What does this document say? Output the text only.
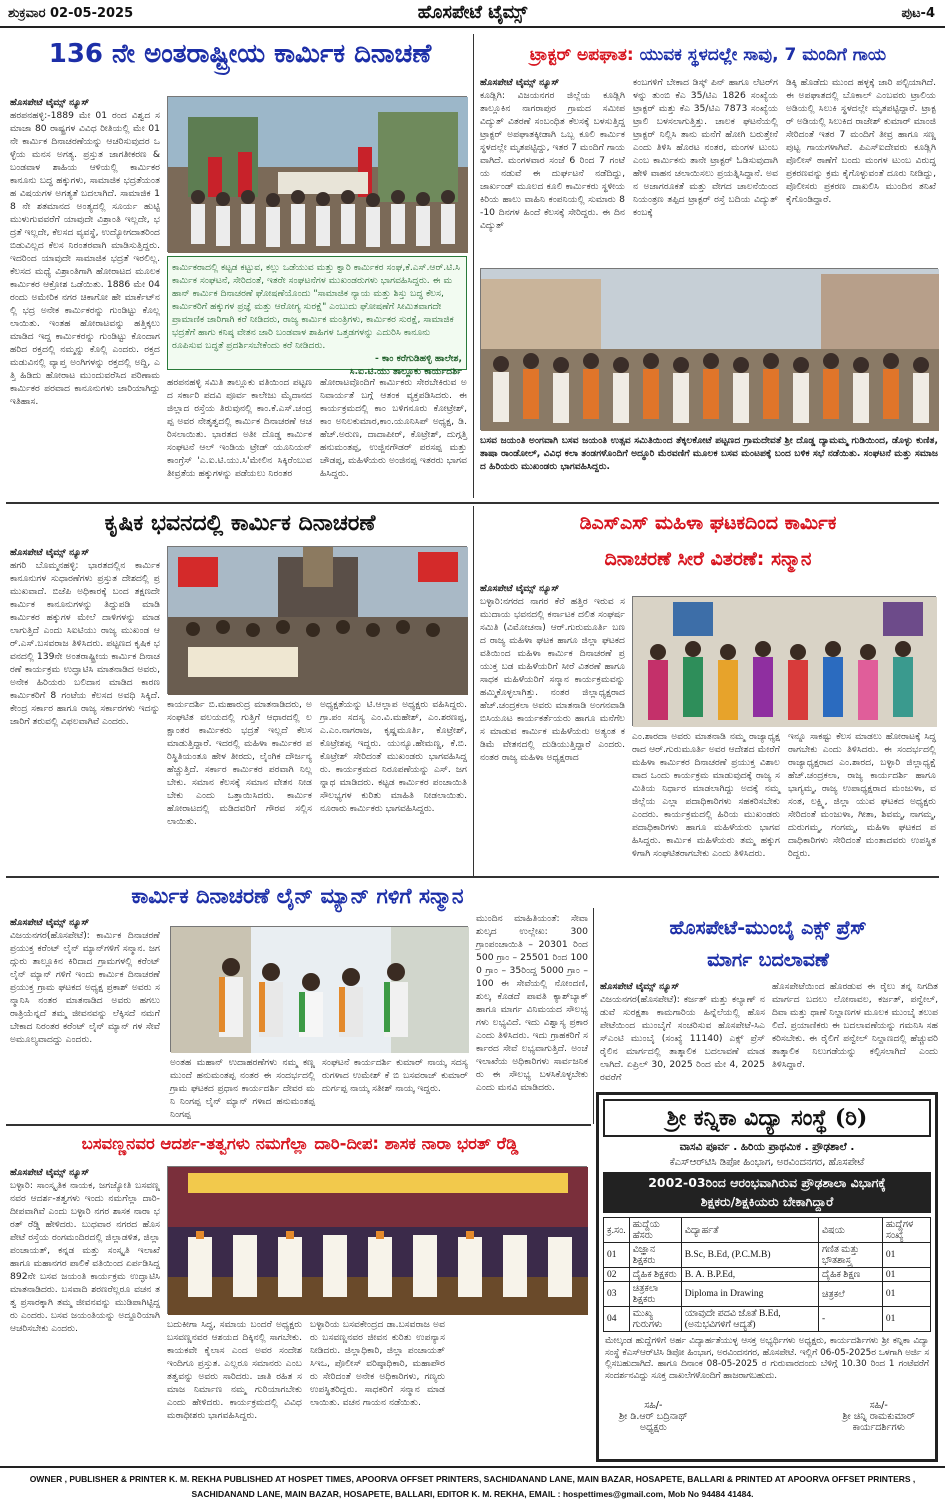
ಶುಕ್ರವಾರ 02-05-2025	ಹೊಸಪೇಟೆ ಟೈಮ್ಸ್	ಪುಟ-4
136 ನೇ ಅಂತರಾಷ್ಟ್ರೀಯ ಕಾರ್ಮಿಕ ದಿನಾಚಣೆ
ಹೊಸಪೇಟೆ ಟೈಮ್ಸ್ ನ್ಯೂಸ್
ಹರಪನಹಳ್ಳಿ:-1889 ಮೇ 01 ರಂದ ವಿಶ್ವದ ಸಮಾಜಾ 80 ರಾಷ್ಟ್ರಗಳ ವಿವಿಧ ರೀತಿಯಲ್ಲಿ ಮೇ 01 ನೇ ಕಾರ್ಮಿಕ ದಿನಾಚರಣೆಯನ್ನು ಆಚರಿಸುವುದರ ಒಳ್ಳೆಯ ಮನಸ ಅಗತ್ಯ. ಪ್ರಸ್ತುತ ಜಾಗತೀಕರಣ & ಬಂಡವಾಳ ಶಾಹಿಯ ಆಳಿಯಲ್ಲಿ ಕಾರ್ಮಿಕರ ಕಾನೂನು ಬದ್ಧ ಹಕ್ಕುಗಳು, ಸಾಮಾಜಿಕ ಭದ್ರತೆಯಂತಹ ವಿಷಯಗಳ ಅಗತ್ಯತೆ ಬದಲಾಗಿದೆ. ಸಾಮಾಜಿಕ 18 ನೇ ಶತಮಾನದ ಅಂತ್ಯದಲ್ಲಿ ಸೂರ್ಯ ಹುಟ್ಟಿ ಮುಳುಗುವವರೆಗೆ ಯಾವುದೇ ವಿಶ್ರಾಂತಿ ಇಲ್ಲದೇ, ಭದ್ರತೆ ಇಲ್ಲದೇ, ಕೆಲಸದ ವ್ಯವಸ್ಥೆ, ಉದ್ಯೋಗದಾತರಿಂದ ಬಿಡುವಿಲ್ಲದ ಕೆಲಸ ನಿರಂತರವಾಗಿ ಮಾಡಿಸುತ್ತಿದ್ದರು. ಇದರಿಂದ ಯಾವುದೇ ಸಾಮಾಜಿಕ ಭದ್ರತೆ ಇರಲಿಲ್ಲ. ಕೆಲಸದ ಮಧ್ಯೆ ವಿಶ್ರಾಂತಿಗಾಗಿ ಹೋರಾಟದ ಮೂಲಕ ಕಾರ್ಮಿಕರ ಆಕ್ರೋಶ ಒಡೆಯಿತು. 1886 ಮೇ 04 ರಂದು ಅಮೇರಿಕ ನಗರ ಚಿಕಾಗೋ ಹೇ ಮಾರ್ಕೆಟ್‌ನಲ್ಲಿ ಭದ್ರ ಅನೇಕ ಕಾರ್ಮಿಕರನ್ನು ಗುಂಡಿಟ್ಟು ಕೊಲ್ಲಲಾಯಿತು. ಇಂತಹ ಹೋರಾಟವನ್ನು ಹತ್ತಿಕ್ಕಲು ಮಾಡಿದ ಇದ್ದ ಕಾರ್ಮಿಕರನ್ನು ಗುಂಡಿಟ್ಟು ಕೊಂದಾಗ ಹರಿದ ರಕ್ತದಲ್ಲಿ ನಮ್ಮನ್ನು ಕೊಲ್ಲಿ ಎಂದರು. ರಕ್ತದ ಮಡುವಿನಲ್ಲಿ ವ್ಯಾಪ್ತ ಅಂಗಿಗಳನ್ನು ರಕ್ತದಲ್ಲಿ ಅದ್ದಿ, ಎತ್ತಿ ಹಿಡಿದು ಹೋರಾಟ ಮುಂದುವರೆಸಿದ ಪರಿಣಾಮ ಕಾರ್ಮಿಕರ ಪರವಾದ ಕಾನೂನುಗಳು ಜಾರಿಯಾಗಿದ್ದು ಇತಿಹಾಸ.
ಕಾರ್ಮಿಕರಾದಲ್ಲಿ ಕಟ್ಟಡ ಕಟ್ಟುವ, ಕಲ್ಲು ಒಡೆಯುವ ಮತ್ತು ಕ್ವಾರಿ ಕಾರ್ಮಿಕರ ಸಂಘ,ಕೆ.ಎಸ್.ಆರ್.ಟಿ.ಸಿ ಕಾರ್ಮಿಕ ಸಂಘಟನೆ, ಸೇರಿದಂತೆ, ಇತರೇ ಸಂಘಟನೆಗಳ ಮುಖಂಡರುಗಳು ಭಾಗವಹಿಸಿದ್ದರು. ಈ ಮಹಾನ್ ಕಾರ್ಮಿಕ ದಿನಾಚರಣೆ ಘೋಷಣೆಯೊಂದು "ಸಾಮಾಜಿಕ ನ್ಯಾಯ ಮತ್ತು ಶಿಸ್ತು ಬದ್ಧ ಕೆಲಸ, ಕಾರ್ಮಿಕರಿಗೆ ಹಕ್ಕುಗಳ ಪ್ರಜ್ಞೆ ಮತ್ತು ಆರೋಗ್ಯ ಸುರಕ್ಷೆ" ಎಂಬುದು ಘೋಷಣೆಗೆ ಸೀಮಿತವಾಗದೇ ಪ್ರಾಮಾಣಿಕ ಜಾರಿಗಾಗಿ ಕರೆ ನೀಡಿದರು, ರಾಜ್ಯ ಕಾರ್ಮಿಕ ಮಂತ್ರಿಗಳು, ಕಾರ್ಮಿಕರ ಸುರಕ್ಷೆ, ಸಾಮಾಜಿಕ ಭದ್ರತೆಗೆ ಹಾಗು ಕನಿಷ್ಠ ವೇತನ ಜಾರಿ ಬಂಡವಾಳ ಶಾಹಿಗಳ ಒತ್ತಡಗಳನ್ನು ಎದುರಿಸಿ ಕಾನೂನು ರೂಪಿಸುವ ಬದ್ಧತೆ ಪ್ರದರ್ಶಿಸಬೇಕೆಂದು ಕರೆ ನೀಡಿದರು.

- ಕಾಂ ಕರೆಗುಡಿಹಳ್ಳಿ ಹಾಲೇಶ,
ಸಿ.ಐ.ಟಿ.ಯು ತಾಲ್ಲೂಕು ಕಾರ್ಯದರ್ಶಿ
ಹರಪನಹಳ್ಳಿ ಸಮಿತಿ ತಾಲ್ಲೂಕು ವತಿಯಿಂದ ಪಟ್ಟಣದ ಸರ್ಕಾರಿ ಪದವಿ ಪೂರ್ವ ಕಾಲೇಜು ಮೈದಾನದ ಜಿಲ್ಲಾದ ರಸ್ತೆಯ ತಿರುವುನಲ್ಲಿ ಕಾಂ.ಕೆ.ಎಸ್.ಚಂದ್ರಪ್ಪ ಅವರ ನೇತೃತ್ವದಲ್ಲಿ ಕಾರ್ಮಿಕ ದಿನಾಚರಣೆ ಆಚರಿಸಲಾಯಿತು. ಭಾರತದ ಅತೀ ದೊಡ್ಡ ಕಾರ್ಮಿಕ ಸಂಘಟನೆ ಆಲ್ ಇಂಡಿಯ ಟ್ರೇಡ್ ಯೂನಿಯನ್ ಕಾಂಗ್ರೆಸ್ 'ಎ.ಐ.ಟಿ.ಯು.ಸಿ'ಮೇಲಿನ ಸಿಕ್ಕಿರೆಂಬುವ ತೀವ್ರತೆಯ ಹಕ್ಕುಗಳನ್ನು ಪಡೆಯಲು ನಿರಂತರ
ಹೋರಾಟವೊಂದಿಗೆ ಕಾರ್ಮಿಕರು ಸೇರಬೇಕಿರುವ ಅನಿವಾರ್ಯತೆ ಬಗ್ಗೆ ಆತಂಕ ವ್ಯಕ್ತಪಡಿಸಿದರು. ಈ ಕಾರ್ಯಕ್ರಮದಲ್ಲಿ ಕಾಂ ಬಳಿಗನೂರು ಕೋಟ್ರೇಶ್, ಕಾಂ ಅನಿಲಕುಮಾರ,ಕಾಂ.ಯೂನಿಸಿಪ್ ಅಧ್ಯಕ್ಷ, ಡಿ.ಹೆಚ್.ಅರುಣ, ದಾದಾಪೀರ್, ಕೊಟ್ರೇಶ್, ದುಗ್ಗತ್ತಿ ಹನುಮಂತಪ್ಪ, ಉಜ್ಜಿನಗೌಡರ್ ಪರಸಪ್ಪ ಮತ್ತು ಚೌಡಪ್ಪ, ಮಹಿಳೆಯರು ಅಂಜಿನಪ್ಪ ಇತರರು ಭಾಗವಹಿಸಿದ್ದರು.
ಟ್ರಾಕ್ಟರ್ ಅಪಘಾತ: ಯುವಕ ಸ್ಥಳದಲ್ಲೇ ಸಾವು, 7 ಮಂದಿಗೆ ಗಾಯ
ಹೊಸಪೇಟೆ ಟೈಮ್ಸ್ ನ್ಯೂಸ್
ಕೂಡ್ಲಿಗಿ: ವಿಜಯನಗರ ಜಿಲ್ಲೆಯ ಕೂಡ್ಲಿಗಿ ತಾಲ್ಲೂಕಿನ ನಾಗರಾಪುರ ಗ್ರಾಮದ ಸಮೀಪ ವಿದ್ಯುತ್ ವಿತರಣೆ ಸಂಬಂಧಿತ ಕೆಲಸಕ್ಕೆ ಬಳಸುತ್ತಿದ್ದ ಟ್ರಾಕ್ಟರ್ ಅಪಘಾತಕ್ಕೀಡಾಗಿ ಒಬ್ಬ ಕೂಲಿ ಕಾರ್ಮಿಕ ಸ್ಥಳದಲ್ಲೇ ಮೃತಪಟ್ಟಿದ್ದು, ಇತರ 7 ಮಂದಿಗೆ ಗಾಯವಾಗಿದೆ. ಮಂಗಳವಾರ ಸಂಜೆ 6 ರಿಂದ 7 ಗಂಟೆ ಯ ನಡುವೆ ಈ ದುರ್ಘಟನೆ ನಡೆದಿದ್ದು, ಜಾರ್ಖಂಡ್ ಮೂಲದ ಕೂಲಿ ಕಾರ್ಮಿಕರು ಸ್ಥಳೀಯ ಕಿರಿಯ ಹಾಲು ವಾಹಿನಿ ಕಂಪನಿಯಲ್ಲಿ ಸುಮಾರು 8-10 ದಿನಗಳ ಹಿಂದೆ ಕೆಲಸಕ್ಕೆ ಸೇರಿದ್ದರು. ಈ ದಿನ ವಿದ್ಯುತ್
ಕಂಬಗಳಿಗೆ ಬೇಕಾದ ಡಿಸ್ಕ್ ಪಿನ್ ಹಾಗೂ ಲೆಟರ್‌ಗಳನ್ನು ತುಂಬಿ ಕೆಎ 35/ಟಿಎ 1826 ಸಂಖ್ಯೆಯ ಟ್ರಾಕ್ಟರ್ ಮತ್ತು ಕೆಎ 35/ಟಿಎ 7873 ಸಂಖ್ಯೆಯ ಟ್ರಾಲಿ ಬಳಸಲಾಗುತ್ತಿತ್ತು. ಚಾಲಕ ಘಟನೆಯಲ್ಲಿ ಟ್ರಾಕ್ಟರ್ ನಿಲ್ಲಿಸಿ ತಾನು ಮನೆಗೆ ಹೋಗಿ ಬರುತ್ತೇನೆ ಎಂದು ತಿಳಿಸಿ ಹೊರಟ ನಂತರ, ಮಂಗಳ ಟುಂಬ ಎಂಬ ಕಾರ್ಮಿಕನು ತಾನೇ ಟ್ರಾಕ್ಟರ್ ಓಡಿಸುವುದಾಗಿ ಹೇಳಿ ವಾಹನ ಚಲಾಯಿಸಲು ಪ್ರಯತ್ನಿಸಿದ್ದಾನೆ. ಅವನ ಅಜಾಗರೂಕತೆ ಮತ್ತು ವೇಗದ ಚಾಲನೆಯಿಂದ ನಿಯಂತ್ರಣ ತಪ್ಪಿದ ಟ್ರಾಕ್ಟರ್ ರಸ್ತೆ ಬದಿಯ ವಿದ್ಯುತ್ ಕಂಬಕ್ಕೆ
ಡಿಕ್ಕಿ ಹೊಡೆದು ಮುಂದ ಹಳ್ಳಕ್ಕೆ ಜಾರಿ ಪಲ್ಟಿಯಾಗಿದೆ. ಈ ಅಪಘಾತದಲ್ಲಿ ಬೊಕಾಲ್ ಎಂಬವರು ಟ್ರಾಲಿಯ ಅಡಿಯಲ್ಲಿ ಸಿಲುಕಿ ಸ್ಥಳದಲ್ಲೇ ಮೃತಪಟ್ಟಿದ್ದಾರೆ. ಟ್ರಾಕ್ಟರ್ ಅಡಿಯಲ್ಲಿ ಸಿಲುಕಿದ ರಾಜೇಶ್ ಕುಮಾರ್ ಮಾಂಜಿ ಸೇರಿದಂತೆ ಇತರ 7 ಮಂದಿಗೆ ತೀವ್ರ ಹಾಗೂ ಸಣ್ಣಪುಟ್ಟ ಗಾಯಗಳಾಗಿವೆ. ಪಿಎಸ್ಐದೇವರು ಕೂಡ್ಲಿಗಿ ಪೊಲೀಸ್ ಠಾಣೆಗೆ ಬಂದು ಮಂಗಳ ಟುಂಬ ವಿರುದ್ಧ ಪ್ರಕರಣವನ್ನು ಕ್ರಮ ಕೈಗೊಳ್ಳುವಂತೆ ದೂರು ನೀಡಿದ್ದು, ಪೊಲೀಸರು ಪ್ರಕರಣ ದಾಖಲಿಸಿ ಮುಂದಿನ ತನಿಖೆ ಕೈಗೊಂಡಿದ್ದಾರೆ.
ಬಸವ ಜಯಂತಿ ಅಂಗವಾಗಿ ಬಸವ ಜಯಂತಿ ಉತ್ಸವ ಸಮಿತಿಯಿಂದ ತೆಕ್ಕಲಕೋಟೆ ಪಟ್ಟಣದ ಗ್ರಾಮದೇವತೆ ಶ್ರೀ ದೊಡ್ಡ ದ್ಯಾಮಮ್ಮ ಗುಡಿಯಿಂದ, ಡೊಳ್ಳು ಕುಣಿತ, ತಾಷಾ ರಾಂಡೋಲ್, ವಿವಿಧ ಕಲಾ ತಂಡಗಳೊಂದಿಗೆ ಅದ್ಧೂರಿ ಮೆರವಣಿಗೆ ಮೂಲಕ ಬಸವ ಮಂಟಪಕ್ಕೆ ಬಂದ ಬಳಿಕ ಸಭೆ ನಡೆಯಿತು. ಸಂಘಟನೆ ಮತ್ತು ಸಮಾಜದ ಹಿರಿಯರು ಮುಖಂಡರು ಭಾಗವಹಿಸಿದ್ದರು.
ಕೃಷಿಕ ಭವನದಲ್ಲಿ ಕಾರ್ಮಿಕ ದಿನಾಚರಣೆ
ಹೊಸಪೇಟೆ ಟೈಮ್ಸ್ ನ್ಯೂಸ್
ಹಗರಿ ಬೊಮ್ಮನಹಳ್ಳಿ: ಭಾರತದಲ್ಲಿನ ಕಾರ್ಮಿಕ ಕಾನೂನುಗಳ ಸುಧಾರಣೆಗಳು ಪ್ರಸ್ತುತ ದೇಶದಲ್ಲಿ ಪ್ರಮುಖವಾದೆ. ಬಿಜೆಪಿ ಅಧಿಕಾರಕ್ಕೆ ಬಂದ ತಕ್ಷಣದೇ ಕಾರ್ಮಿಕ ಕಾನೂನುಗಳನ್ನು ತಿದ್ದುಪಡಿ ಮಾಡಿ ಕಾರ್ಮಿಕರ ಹಕ್ಕುಗಳ ಮೇಲೆ ದಾಳಿಗಳನ್ನು ಮಾಡಲಾಗುತ್ತಿದೆ ಎಂದು ಸಿಐಟಿಯು ರಾಜ್ಯ ಮುಖಂಡ ಆರ್.ಎಸ್.ಬಸವರಾಜ ತಿಳಿಸಿದರು. ಪಟ್ಟಣದ ಕೃಷಿಕ ಭವನದಲ್ಲಿ 139ನೇ ಅಂತರಾಷ್ಟ್ರೀಯ ಕಾರ್ಮಿಕ ದಿನಾಚರಣೆ ಕಾರ್ಯಕ್ರಮ ಉದ್ಘಾಟಿಸಿ ಮಾತನಾಡಿದ ಅವರು, ಅನೇಕ ಹಿರಿಯರು ಬಲಿದಾನ ಮಾಡಿದ ಕಾರಣ ಕಾರ್ಮಿಕರಿಗೆ 8 ಗಂಟೆಯ ಕೆಲಸದ ಅವಧಿ ಸಿಕ್ಕಿದೆ. ಕೇಂದ್ರ ಸರ್ಕಾರ ಹಾಗೂ ರಾಜ್ಯ ಸರ್ಕಾರಗಳು ಇದನ್ನು ಜಾರಿಗೆ ತರುವಲ್ಲಿ ವಿಫಲವಾಗಿವೆ ಎಂದರು.
ಕಾರ್ಯದರ್ಶಿ ಬಿ.ಮಹಾರುದ್ರ ಮಾತನಾಡಿದರು, ಅಸಂಘಟಿತ ವಲಯದಲ್ಲಿ ಗುತ್ತಿಗೆ ಆಧಾರದಲ್ಲಿ ಲಕ್ಷಾಂತರ ಕಾರ್ಮಿಕರು ಭದ್ರತೆ ಇಲ್ಲದೆ ಕೆಲಸ ಮಾಡುತ್ತಿದ್ದಾರೆ. ಇದರಲ್ಲಿ ಮಹಿಳಾ ಕಾರ್ಮಿಕರ ಪರಿಸ್ಥಿತಿಯಂತೂ ಹೇಳ ತೀರದು, ಲೈಂಗಿಕ ದೌರ್ಜನ್ಯ ಹೆಚ್ಚುತ್ತಿದೆ. ಸರ್ಕಾರ ಕಾರ್ಮಿಕರ ಪರವಾಗಿ ನಿಲ್ಲಬೇಕು. ಸಮಾನ ಕೆಲಸಕ್ಕೆ ಸಮಾನ ವೇತನ ನೀಡಬೇಕು ಎಂದು ಒತ್ತಾಯಿಸಿದರು. ಕಾರ್ಮಿಕ ಹೋರಾಟದಲ್ಲಿ ಮಡಿದವರಿಗೆ ಗೌರವ ಸಲ್ಲಿಸಲಾಯಿತು.
ಅಧ್ಯಕ್ಷತೆಯನ್ನು ಟಿ.ಆಲ್ಲಾಪ ಅಧ್ಯಕ್ಷರು ವಹಿಸಿದ್ದರು. ಗ್ರಾ.ಪಂ ಸದಸ್ಯ ಎಂ.ವಿ.ಮಹೇಶ್, ಎಂ.ಶರಣಪ್ಪ, ಎ.ಎಂ.ನಾಗರಾಜ, ಕೃಷ್ಣಮೂರ್ತಿ, ಕೊಟ್ರೇಶ್,ಕೊಟ್ರೇಶಪ್ಪ ಇದ್ದರು. ಯುನ್ಯೂ.ಹೇಮಣ್ಣ, ಕೆ.ಬಿ.ಕೊಟ್ರೇಶ್ ಸೇರಿದಂತೆ ಮುಖಂಡರು ಭಾಗವಹಿಸಿದ್ದರು. ಕಾರ್ಯಕ್ರಮದ ನಿರೂಪಣೆಯನ್ನು ಎಸ್. ಜಗನ್ನಾಥ ಮಾಡಿದರು. ಕಟ್ಟಡ ಕಾರ್ಮಿಕರ ಪಂಚಾಯಿತಿ ಸೌಲಭ್ಯಗಳ ಕುರಿತು ಮಾಹಿತಿ ನೀಡಲಾಯಿತು. ನೂರಾರು ಕಾರ್ಮಿಕರು ಭಾಗವಹಿಸಿದ್ದರು.
ಡಿಎಸ್ಎಸ್ ಮಹಿಳಾ ಘಟಕದಿಂದ ಕಾರ್ಮಿಕ
ದಿನಾಚರಣೆ ಸೀರೆ ವಿತರಣೆ: ಸನ್ಮಾನ
ಹೊಸಪೇಟೆ ಟೈಮ್ಸ್ ನ್ಯೂಸ್
ಬಳ್ಳಾರಿ:ನಗರದ ನಾಗರ ಕೆರೆ ಹತ್ತಿರ ಇರುವ ಸಮುದಾಯ ಭವನದಲ್ಲಿ ಕರ್ನಾಟಕ ದಲಿತ ಸಂಘರ್ಷ ಸಮಿತಿ (ವಿಮೋಚನಾ) ಆರ್.ಗುರುಮೂರ್ತಿ ಬಣದ ರಾಜ್ಯ ಮಹಿಳಾ ಘಟಕ ಹಾಗೂ ಜಿಲ್ಲಾ ಘಟಕದ ವತಿಯಿಂದ ಮಹಿಳಾ ಕಾರ್ಮಿಕ ದಿನಾಚರಣೆ ಪ್ರಯುಕ್ತ ಬಡ ಮಹಿಳೆಯರಿಗೆ ಸೀರೆ ವಿತರಣೆ ಹಾಗೂ ಸಾಧಕ ಮಹಿಳೆಯರಿಗೆ ಸನ್ಮಾನ ಕಾರ್ಯಕ್ರಮವನ್ನು ಹಮ್ಮಿಕೊಳ್ಳಲಾಗಿತ್ತು. ನಂತರ ಜಿಲ್ಲಾಧ್ಯಕ್ಷರಾದ ಹೆಚ್.ಚಂದ್ರಕಲಾ ಅವರು ಮಾತನಾಡಿ ಅಂಗನವಾಡಿ ಬಿಸಿಯೂಟ ಕಾರ್ಯಕರ್ತೆಯರು ಹಾಗೂ ಮನೆಗೆಲಸ ಮಾಡುವ ಕಾರ್ಮಿಕ ಮಹಿಳೆಯರು ಅತ್ಯಂತ ಕಡಿಮೆ ವೇತನದಲ್ಲಿ ದುಡಿಯುತ್ತಿದ್ದಾರೆ ಎಂದರು. ನಂತರ ರಾಜ್ಯ ಮಹಿಳಾ ಅಧ್ಯಕ್ಷರಾದ
ಎಂ.ಶಾರದಾ ಅವರು ಮಾತನಾಡಿ ನಮ್ಮ ರಾಜ್ಯಾಧ್ಯಕ್ಷರಾದ ಆರ್.ಗುರುಮೂರ್ತಿ ಅವರ ಆದೇಶದ ಮೇರೆಗೆ ಮಹಿಳಾ ಕಾರ್ಮಿಕರ ದಿನಾಚರಣೆ ಪ್ರಯುಕ್ತ ವಿಶಾಲವಾದ ಒಂದು ಕಾರ್ಯಕ್ರಮ ಮಾಡುವುದಕ್ಕೆ ರಾಜ್ಯ ಸಮಿತಿಯ ನಿರ್ಧಾರ ಮಾಡಲಾಗಿದ್ದು ಅದಕ್ಕೆ ನಮ್ಮ ಜಿಲ್ಲೆಯ ಎಲ್ಲಾ ಪದಾಧಿಕಾರಿಗಳು ಸಹಕರಿಸಬೇಕು ಎಂದರು. ಕಾರ್ಯಕ್ರಮದಲ್ಲಿ ಹಿರಿಯ ಮುಖಂಡರು ಪದಾಧಿಕಾರಿಗಳು ಹಾಗೂ ಮಹಿಳೆಯರು ಭಾಗವಹಿಸಿದ್ದರು. ಕಾರ್ಮಿಕ ಮಹಿಳೆಯರು ತಮ್ಮ ಹಕ್ಕುಗಳಿಗಾಗಿ ಸಂಘಟಿತರಾಗಬೇಕು ಎಂದು ತಿಳಿಸಿದರು.
ಇನ್ನೂ ಸಾಕಷ್ಟು ಕೆಲಸ ಮಾಡಲು ಹೋರಾಟಕ್ಕೆ ಸಿದ್ಧರಾಗಬೇಕು ಎಂದು ತಿಳಿಸಿದರು. ಈ ಸಂದರ್ಭದಲ್ಲಿ ರಾಜ್ಯಾಧ್ಯಕ್ಷರಾದ ಎಂ.ಶಾರದ, ಬಳ್ಳಾರಿ ಜಿಲ್ಲಾಧ್ಯಕ್ಷೆ ಹೆಚ್.ಚಂದ್ರಕಲಾ, ರಾಜ್ಯ ಕಾರ್ಯದರ್ಶಿ ಹಾಗೂ ಭಾಗ್ಯಮ್ಮ, ರಾಜ್ಯ ಉಪಾಧ್ಯಕ್ಷರಾದ ಮಂಜುಳಾ, ವಸಂತ, ಲಕ್ಷ್ಮಿ, ಜಿಲ್ಲಾ ಯುವ ಘಟಕದ ಅಧ್ಯಕ್ಷರು ಸೇರಿದಂತೆ ಮಂಜುಳಾ, ಗೀತಾ, ಶಿವಮ್ಮ, ನಾಗಮ್ಮ, ದುರುಗಮ್ಮ, ಗಂಗಮ್ಮ, ಮಹಿಳಾ ಘಟಕದ ಪದಾಧಿಕಾರಿಗಳು ಸೇರಿದಂತೆ ಮಂತಾದವರು ಉಪಸ್ಥಿತರಿದ್ದರು.
ಕಾರ್ಮಿಕ ದಿನಾಚರಣೆ ಲೈನ್ ಮ್ಯಾನ್ ಗಳಿಗೆ ಸನ್ಮಾನ
ಹೊಸಪೇಟೆ ಟೈಮ್ಸ್ ನ್ಯೂಸ್
ವಿಜಯನಗರ(ಹೊಸಪೇಟೆ): ಕಾರ್ಮಿಕ ದಿನಾಚರಣೆ ಪ್ರಯುಕ್ತ ಕರೆಂಟ್ ಲೈನ್ ಮ್ಯಾನ್‌ಗಳಿಗೆ ಸನ್ಮಾನ. ಜಗದ್ಗುರು ತಾಲ್ಲೂಕಿನ ಕಿರಿದಾದ ಗ್ರಾಮಗಳಲ್ಲಿ ಕರೆಂಟ್ ಲೈನ್ ಮ್ಯಾನ್ ಗಳಿಗೆ ಇಂದು ಕಾರ್ಮಿಕ ದಿನಾಚರಣೆ ಪ್ರಯುಕ್ತ ಗ್ರಾಮ ಘಟಕದ ಅಧ್ಯಕ್ಷ ಪ್ರಕಾಶ್ ಅವರು ಸನ್ಮಾನಿಸಿ ನಂತರ ಮಾತನಾಡಿದ ಅವರು ಹಗಲು ರಾತ್ರಿಯೆನ್ನದೆ ತಮ್ಮ ಜೀವನವನ್ನು ಲೆಕ್ಕಿಸದೆ ನಮಗೆ ಬೇಕಾದ ನಿರಂತರ ಕರೆಂಟ್ ಲೈನ್ ಮ್ಯಾನ್ ಗಳ ಸೇವೆ ಅಮೂಲ್ಯವಾದದ್ದು ಎಂದರು.
ಅಂತಹ ಮಹಾನ್ ಉದಾಹರಣೆಗಳು ನಮ್ಮ ಕಣ್ಣ ಮುಂದೆ ಹನುಮಂತಪ್ಪ ನಂತರ ಈ ಸಂದರ್ಭದಲ್ಲಿ ಗ್ರಾಮ ಘಟಕದ ಪ್ರಧಾನ ಕಾರ್ಯದರ್ಶಿ ದೇವರ ಮನಿ ನಿಂಗಪ್ಪ ಲೈನ್ ಮ್ಯಾನ್ ಗಳಾದ ಹನುಮಂತಪ್ಪ ನಿಂಗಪ್ಪ
ಸಂಘಟನೆ ಕಾರ್ಯದರ್ಶಿ ಕುಮಾರ್ ನಾಯ್ಕ ಸದಸ್ಯರುಗಳಾದ ಉಮೇಶ್ ಕೆ ಬಿ ಬಸವರಾಜ್ ಕುಮಾರ್ ದುರ್ಗಪ್ಪ ನಾಯ್ಕ ಸತೀಶ್ ನಾಯ್ಕ ಇದ್ದರು.
ಮುಂದಿನ ಮಾಹಿತಿಯಂತೆ: ಸೇವಾ ಶುಲ್ಕದ ಉಲ್ಲೇಖ: 300 ಗ್ರಾಂಪಂಚಾಯಿತಿ – 20301 ರಿಂದ 500 ಗ್ರಾಂ – 25501 ರಿಂದ 1000 ಗ್ರಾಂ – 35ರಿಂದ್ದ 5000 ಗ್ರಾಂ – 100 ಈ ಸೇವೆಯಲ್ಲಿ ನೋಂದಣಿ, ಶುಲ್ಕ ಕೊಡದೆ ಪಾವತಿ ಕ್ಯಾಶ್‌ಬ್ಯಾಕ್ ಹಾಗೂ ಮಾರ್ಗ ವಿನಿಮಯದ ಸೌಲಭ್ಯಗಳು ಲಭ್ಯವಿದೆ. ಇದು ವಿಶ್ವಾಸ್ಯ ಪ್ರಕಾರ ಎಂದು ತಿಳಿಸಿದರು. ಇದು ಗ್ರಾಹಕರಿಗೆ ಸರ್ಕಾರದ ಸೇವೆ ಲಭ್ಯವಾಗುತ್ತಿದೆ. ಅಂಚೆ ಇಲಾಖೆಯ ಅಧಿಕಾರಿಗಳು ಸಾರ್ವಜನಿಕರು ಈ ಸೌಲಭ್ಯ ಬಳಸಿಕೊಳ್ಳಬೇಕು ಎಂದು ಮನವಿ ಮಾಡಿದರು.
ಹೊಸಪೇಟೆ-ಮುಂಬೈ ಎಕ್ಸ್ ಪ್ರೆಸ್
ಮಾರ್ಗ ಬದಲಾವಣೆ
ಹೊಸಪೇಟೆ ಟೈಮ್ಸ್ ನ್ಯೂಸ್
ವಿಜಯನಗರ(ಹೊಸಪೇಟೆ): ಕರ್ಜತ್ ಮತ್ತು ಕಲ್ಯಾಣ್ ನಡುವೆ ಸುರಕ್ಷತಾ ಕಾಮಗಾರಿಯ ಹಿನ್ನೆಲೆಯಲ್ಲಿ ಹೊಸಪೇಟೆಯಿಂದ ಮುಂಬೈಗೆ ಸಂಚರಿಸುವ ಹೊಸಪೇಟೆ-ಸಿಎಸ್‌ಎಂಟಿ ಮುಂಬೈ (ಸಂಖ್ಯೆ 11140) ಎಕ್ಸ್ ಪ್ರೆಸ್ ರೈಲಿನ ಮಾರ್ಗದಲ್ಲಿ ತಾತ್ಕಾಲಿಕ ಬದಲಾವಣೆ ಮಾಡಲಾಗಿದೆ. ಏಪ್ರಿಲ್ 30, 2025 ರಿಂದ ಮೇ 4, 2025 ರವರೆಗೆ
ಹೊಸಪೇಟೆಯಿಂದ ಹೊರಡುವ ಈ ರೈಲು ತನ್ನ ನಿಗದಿತ ಮಾರ್ಗದ ಬದಲು ಲೋನಾವಲ, ಕರ್ಜತ್, ಪನ್ವೇಲ್, ದಿವಾ ಮತ್ತು ಥಾಣೆ ನಿಲ್ದಾಣಗಳ ಮೂಲಕ ಮುಂಬೈ ತಲುಪಲಿದೆ. ಪ್ರಯಾಣಿಕರು ಈ ಬದಲಾವಣೆಯನ್ನು ಗಮನಿಸಿ ಸಹಕರಿಸಬೇಕು. ಈ ರೈಲಿಗೆ ಪನ್ವೇಲ್ ನಿಲ್ದಾಣದಲ್ಲಿ ಹೆಚ್ಚುವರಿ ತಾತ್ಕಾಲಿಕ ನಿಲುಗಡೆಯನ್ನು ಕಲ್ಪಿಸಲಾಗಿದೆ ಎಂದು ತಿಳಿಸಿದ್ದಾರೆ.
ಬಸವಣ್ಣನವರ ಆದರ್ಶ-ತತ್ವಗಳು ನಮಗೆಲ್ಲಾ ದಾರಿ-ದೀಪ: ಶಾಸಕ ನಾರಾ ಭರತ್ ರೆಡ್ಡಿ
ಹೊಸಪೇಟೆ ಟೈಮ್ಸ್ ನ್ಯೂಸ್
ಬಳ್ಳಾರಿ: ಸಾಂಸ್ಕೃತಿಕ ನಾಯಕ, ಜಗಜ್ಯೋತಿ ಬಸವಣ್ಣನವರ ಆದರ್ಶ-ತತ್ವಗಳು ಇಂದು ನಮಗೆಲ್ಲಾ ದಾರಿ-ದೀಪವಾಗಿವೆ ಎಂದು ಬಳ್ಳಾರಿ ನಗರ ಶಾಸಕ ನಾರಾ ಭರತ್ ರೆಡ್ಡಿ ಹೇಳಿದರು. ಬುಧವಾರ ನಗರದ ಹೊಸಪೇಟೆ ರಸ್ತೆಯ ರಂಗಮಂದಿರದಲ್ಲಿ ಜಿಲ್ಲಾಡಳಿತ, ಜಿಲ್ಲಾ ಪಂಚಾಯತ್, ಕನ್ನಡ ಮತ್ತು ಸಂಸ್ಕೃತಿ ಇಲಾಖೆ ಹಾಗೂ ಮಹಾನಗರ ಪಾಲಿಕೆ ವತಿಯಿಂದ ಏರ್ಪಡಿಸಿದ್ದ 892ನೇ ಬಸವ ಜಯಂತಿ ಕಾರ್ಯಕ್ರಮ ಉದ್ಘಾಟಿಸಿ ಮಾತನಾಡಿದರು. ಬಸವಾದಿ ಶರಣರೆಲ್ಲರೂ ವಚನ ತತ್ವ ಪ್ರಸಾರಕ್ಕಾಗಿ ತಮ್ಮ ಜೀವನವನ್ನು ಮುಡಿಪಾಗಿಟ್ಟಿದ್ದರು ಎಂದರು. ಬಸವ ಜಯಂತಿಯನ್ನು ಅದ್ದೂರಿಯಾಗಿ ಆಚರಿಸಬೇಕು ಎಂದರು.	ಬದುಕೀಗಾ ಸಿದ್ಧ, ಸಮಾಯ ಬಂದರೆ ಅಧ್ಯಕ್ಷರು ಬಸವಣ್ಣನವರ ಆಶಯದ ದಿಕ್ಕಿನಲ್ಲಿ ಸಾಗಬೇಕು. ಕಾಯಕವೇ ಕೈಲಾಸ ಎಂದ ಅವರ ಸಂದೇಶ ಇಂದಿಗೂ ಪ್ರಸ್ತುತ. ಎಲ್ಲರೂ ಸಮಾನರು ಎಂಬ ತತ್ವವನ್ನು ಅವರು ಸಾರಿದರು. ಜಾತಿ ರಹಿತ ಸಮಾಜ ನಿರ್ಮಾಣ ನಮ್ಮ ಗುರಿಯಾಗಬೇಕು ಎಂದು ಹೇಳಿದರು. ಕಾರ್ಯಕ್ರಮದಲ್ಲಿ ವಿವಿಧ ಮಠಾಧೀಶರು ಭಾಗವಹಿಸಿದ್ದರು.
ಬಳ್ಳಾರಿಯ ಬಸವಕೇಂದ್ರದ ಡಾ.ಬಸವರಾಜ ಅವರು ಬಸವಣ್ಣನವರ ಜೀವನ ಕುರಿತು ಉಪನ್ಯಾಸ ನೀಡಿದರು. ಜಿಲ್ಲಾಧಿಕಾರಿ, ಜಿಲ್ಲಾ ಪಂಚಾಯತ್ ಸಿಇಒ, ಪೊಲೀಸ್ ವರಿಷ್ಠಾಧಿಕಾರಿ, ಮಹಾಪೌರರು ಸೇರಿದಂತೆ ಅನೇಕ ಅಧಿಕಾರಿಗಳು, ಗಣ್ಯರು ಉಪಸ್ಥಿತರಿದ್ದರು. ಸಾಧಕರಿಗೆ ಸನ್ಮಾನ ಮಾಡಲಾಯಿತು. ವಚನ ಗಾಯನ ನಡೆಯಿತು.
ಶ್ರೀ ಕನ್ನಿಕಾ ವಿದ್ಯಾ ಸಂಸ್ಥೆ (ರಿ)
ವಾಸವಿ ಪೂರ್ವ . ಹಿರಿಯ ಪ್ರಾಥಮಿಕ . ಪ್ರೌಢಶಾಲೆ .
ಕೆಎಸ್‌ಆರ್‌ಟಿಸಿ ಡಿಪೋ ಹಿಂಭಾಗ, ಅರವಿಂದನಗರ, ಹೊಸಪೇಟೆ
2002-03ರಿಂದ ಆರಂಭವಾಗಿರುವ ಪ್ರೌಢಶಾಲಾ ವಿಭಾಗಕ್ಕೆ
ಶಿಕ್ಷಕರು/ಶಿಕ್ಷಕಿಯರು ಬೇಕಾಗಿದ್ದಾರೆ
ಕ್ರ.ಸಂ.	ಹುದ್ದೆಯ ಹೆಸರು	ವಿದ್ಯಾರ್ಹತೆ	ವಿಷಯ	ಹುದ್ದೆಗಳ ಸಂಖ್ಯೆ
01	ವಿಜ್ಞಾನ ಶಿಕ್ಷಕರು	B.Sc, B.Ed, (P.C.M.B)	ಗಣಿತ ಮತ್ತು ಭೌತಶಾಸ್ತ್ರ	01
02	ದೈಹಿಕ ಶಿಕ್ಷಕರು	B. A. B.P.Ed,	ದೈಹಿಕ ಶಿಕ್ಷಣ	01
03	ಚಿತ್ರಕಲಾ ಶಿಕ್ಷಕರು	Diploma in Drawing	ಚಿತ್ರಕಲೆ	01
04	ಮುಖ್ಯ ಗುರುಗಳು	ಯಾವುದೇ ಪದವಿ ಜೊತೆ B.Ed, (ಅನುಭವಿಗಳಿಗೆ ಆದ್ಯತೆ)	-	01
ಮೇಲ್ಕಂಡ ಹುದ್ದೆಗಳಿಗೆ ಅರ್ಹ ವಿದ್ಯಾರ್ಹತೆಯುಳ್ಳ ಆಸಕ್ತ ಅಭ್ಯರ್ಥಿಗಳು ಅಧ್ಯಕ್ಷರು, ಕಾರ್ಯದರ್ಶಿಗಳು ಶ್ರೀ ಕನ್ನಿಕಾ ವಿದ್ಯಾ ಸಂಸ್ಥೆ ಕೆಎಸ್‌ಆರ್‌ಟಿಸಿ ಡಿಪೋ ಹಿಂಭಾಗ, ಅರವಿಂದನಗರ, ಹೊಸಪೇಟೆ. ಇಲ್ಲಿಗೆ 06-05-2025ರ ಒಳಗಾಗಿ ಅರ್ಜಿ ಸಲ್ಲಿಸಬಹುದಾಗಿದೆ. ಹಾಗೂ ದಿನಾಂಕ 08-05-2025 ರ ಗುರುವಾರದಂದು ಬೆಳಿಗ್ಗೆ 10.30 ರಿಂದ 1 ಗಂಟೆವರೆಗೆ ಸಂದರ್ಶನವಿದ್ದು ಸೂಕ್ತ ದಾಖಲೆಗಳೊಂದಿಗೆ ಹಾಜರಾಗಬಹುದು.
ಸಹಿ/-
ಶ್ರೀ ಡಿ.ಆರ್ ಬದ್ರಿನಾಥ್
ಅಧ್ಯಕ್ಷರು
ಸಹಿ/-
ಶ್ರೀ ಚಿನ್ನಿ ರಾಮಕುಮಾರ್
ಕಾರ್ಯದರ್ಶಿಗಳು
OWNER , PUBLISHER & PRINTER K. M. REKHA PUBLISHED AT HOSPET TIMES, APOORVA OFFSET PRINTERS, SACHIDANAND LANE, MAIN BAZAR, HOSAPETE, BALLARI & PRINTED AT APOORVA OFFSET PRINTERS ,
SACHIDANAND LANE, MAIN BAZAR, HOSAPETE, BALLARI, EDITOR K. M. REKHA, EMAIL : hospettimes@gmail.com, Mob No 94484 41484.
